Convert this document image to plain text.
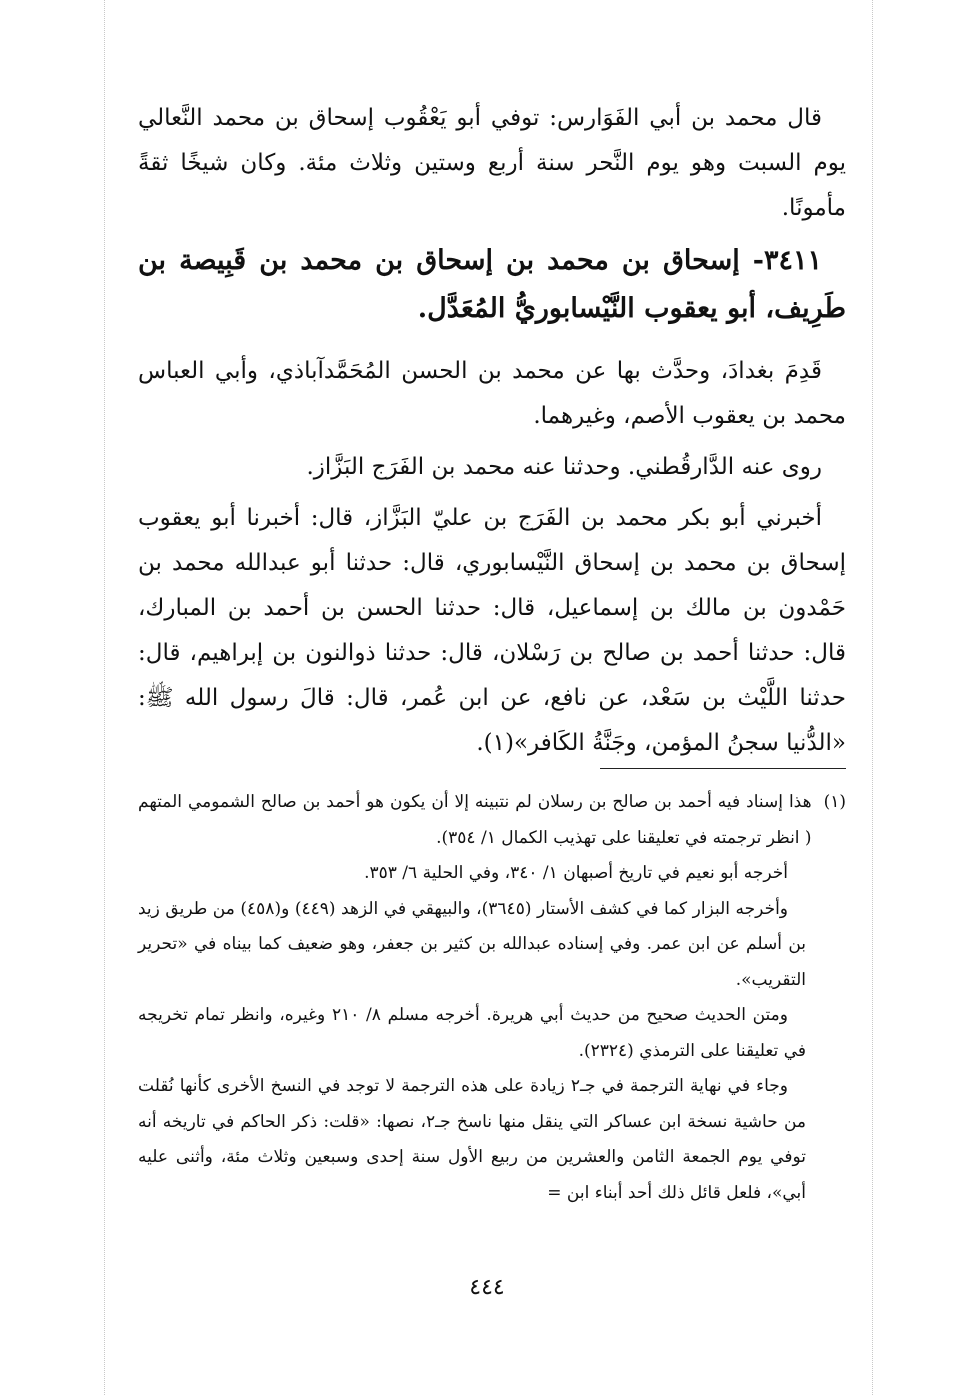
قال محمد بن أبي الفَوَارس: توفي أبو يَعْقُوب إسحاق بن محمد النَّعالي يوم السبت وهو يوم النَّحر سنة أربع وستين وثلاث مئة. وكان شيخًا ثقةً مأمونًا.

٣٤١١- إسحاق بن محمد بن إسحاق بن محمد بن قَبِيصة بن طَرِيف، أبو يعقوب النَّيْسابوريُّ المُعَدَّل.

قَدِمَ بغدادَ، وحدَّث بها عن محمد بن الحسن المُحَمَّدآباذي، وأبي العباس محمد بن يعقوب الأصم، وغيرهما.

روى عنه الدَّارقُطني. وحدثنا عنه محمد بن الفَرَج البَزَّاز.

أخبرني أبو بكر محمد بن الفَرَج بن عليّ البَزَّاز، قال: أخبرنا أبو يعقوب إسحاق بن محمد بن إسحاق النَّيْسابوري، قال: حدثنا أبو عبدالله محمد بن حَمْدون بن مالك بن إسماعيل، قال: حدثنا الحسن بن أحمد بن المبارك، قال: حدثنا أحمد بن صالح بن رَسْلان، قال: حدثنا ذوالنون بن إبراهيم، قال: حدثنا اللَّيْث بن سَعْد، عن نافع، عن ابن عُمر، قال: قالَ رسول الله ﷺ: «الدُّنيا سجنُ المؤمن، وجَنَّةُ الكَافر»(١).

(١)
هذا إسناد فيه أحمد بن صالح بن رسلان لم نتبينه إلا أن يكون هو أحمد بن صالح الشمومي المتهم ( انظر ترجمته في تعليقنا على تهذيب الكمال ١/ ٣٥٤).

أخرجه أبو نعيم في تاريخ أصبهان ١/ ٣٤٠، وفي الحلية ٦/ ٣٥٣.

وأخرجه البزار كما في كشف الأستار (٣٦٤٥)، والبيهقي في الزهد (٤٤٩) و(٤٥٨) من طريق زيد بن أسلم عن ابن عمر. وفي إسناده عبدالله بن كثير بن جعفر، وهو ضعيف كما بيناه في «تحرير التقريب».

ومتن الحديث صحيح من حديث أبي هريرة. أخرجه مسلم ٨/ ٢١٠ وغيره، وانظر تمام تخريجه في تعليقنا على الترمذي (٢٣٢٤).

وجاء في نهاية الترجمة في جـ٢ زيادة على هذه الترجمة لا توجد في النسخ الأخرى كأنها نُقلت من حاشية نسخة ابن عساكر التي ينقل منها ناسخ جـ٢، نصها: «قلت: ذكر الحاكم في تاريخه أنه توفي يوم الجمعة الثامن والعشرين من ربيع الأول سنة إحدى وسبعين وثلاث مئة، وأثنى عليه أبي»، فلعل قائل ذلك أحد أبناء ابن =

٤٤٤
